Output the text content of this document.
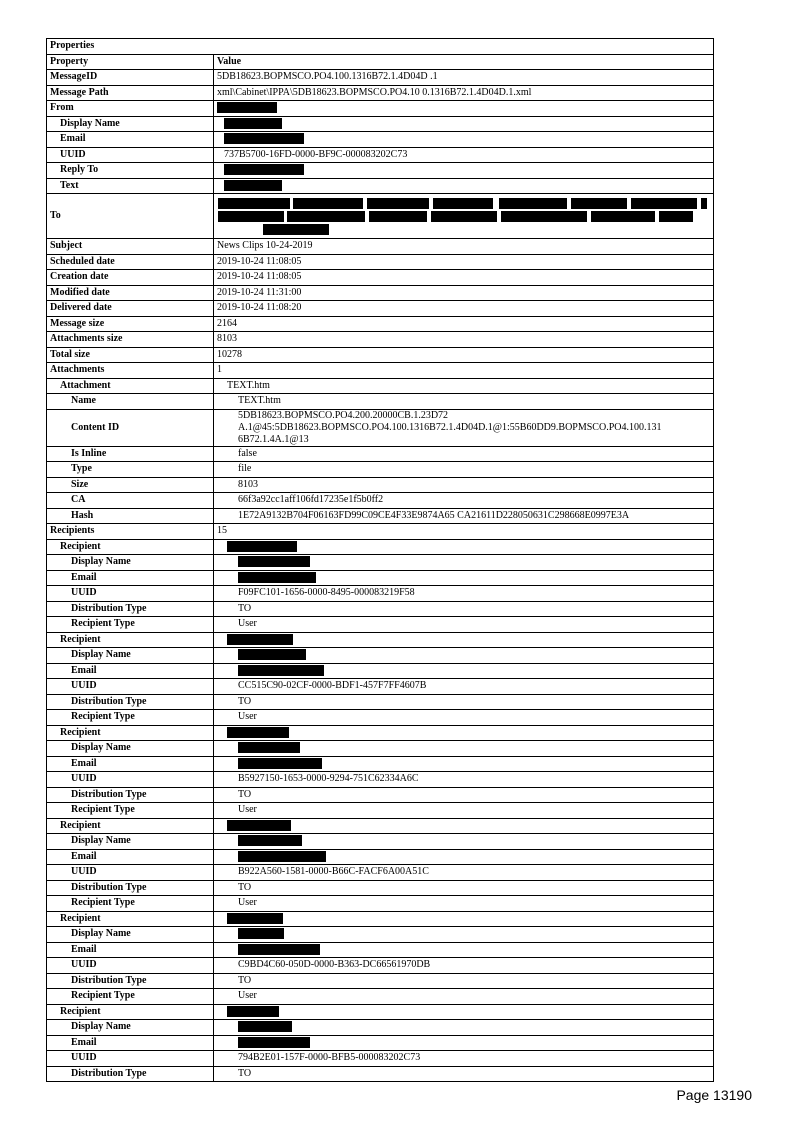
Properties	
Property	Value
MessageID	5DB18623.BOPMSCO.PO4.100.1316B72.1.4D04D .1
Message Path	xml\Cabinet\IPPA\5DB18623.BOPMSCO.PO4.10 0.1316B72.1.4D04D.1.xml
From	
Display Name	
Email	
UUID	737B5700-16FD-0000-BF9C-000083202C73
Reply To	
Text	
To	

Subject	News Clips 10-24-2019
Scheduled date	2019-10-24 11:08:05
Creation date	2019-10-24 11:08:05
Modified date	2019-10-24 11:31:00
Delivered date	2019-10-24 11:08:20
Message size	2164
Attachments size	8103
Total size	10278
Attachments	1
Attachment	TEXT.htm
Name	TEXT.htm
Content ID	5DB18623.BOPMSCO.PO4.200.20000CB.1.23D72 A.1@45:5DB18623.BOPMSCO.PO4.100.1316B72.1.4D04D.1@1:55B60DD9.BOPMSCO.PO4.100.131 6B72.1.4A.1@13
Is Inline	false
Type	file
Size	8103
CA	66f3a92cc1aff106fd17235e1f5b0ff2
Hash	1E72A9132B704F06163FD99C09CE4F33E9874A65 CA21611D228050631C298668E0997E3A
Recipients	15
Recipient	
Display Name	
Email	
UUID	F09FC101-1656-0000-8495-000083219F58
Distribution Type	TO
Recipient Type	User
Recipient	
Display Name	
Email	
UUID	CC515C90-02CF-0000-BDF1-457F7FF4607B
Distribution Type	TO
Recipient Type	User
Recipient	
Display Name	
Email	
UUID	B5927150-1653-0000-9294-751C62334A6C
Distribution Type	TO
Recipient Type	User
Recipient	
Display Name	
Email	
UUID	B922A560-1581-0000-B66C-FACF6A00A51C
Distribution Type	TO
Recipient Type	User
Recipient	
Display Name	
Email	
UUID	C9BD4C60-050D-0000-B363-DC66561970DB
Distribution Type	TO
Recipient Type	User
Recipient	
Display Name	
Email	
UUID	794B2E01-157F-0000-BFB5-000083202C73
Distribution Type	TO
Page 13190
